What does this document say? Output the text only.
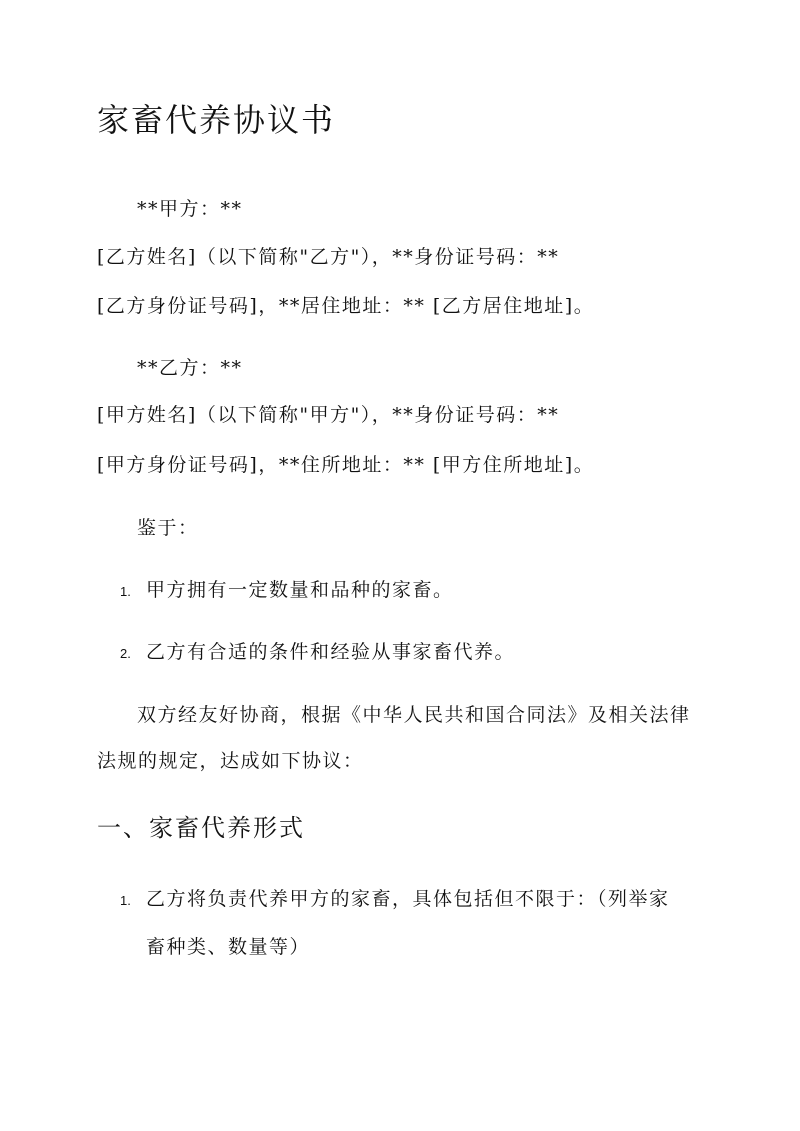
家畜代养协议书
**甲方：**
[乙方姓名]（以下简称"乙方"），**身份证号码：**
[乙方身份证号码]，**居住地址：** [乙方居住地址]。
**乙方：**
[甲方姓名]（以下简称"甲方"），**身份证号码：**
[甲方身份证号码]，**住所地址：** [甲方住所地址]。
鉴于：
1. 甲方拥有一定数量和品种的家畜。
2. 乙方有合适的条件和经验从事家畜代养。
双方经友好协商，根据《中华人民共和国合同法》及相关法律
法规的规定，达成如下协议：
一、家畜代养形式
1. 乙方将负责代养甲方的家畜，具体包括但不限于：（列举家
畜种类、数量等）
